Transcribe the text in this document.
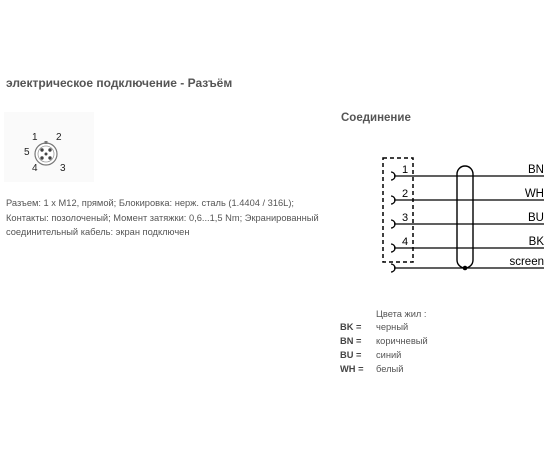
электрическое подключение - Разъём
1 2
3
4
5
Разъем: 1 x M12, прямой; Блокировка: нерж. сталь (1.4404 / 316L);
Контакты: позолоченый; Момент затяжки: 0,6...1,5 Nm; Экранированный
соединительный кабель: экран подключен
Соединение
1
2
3
4
BN
WH
BU
BK
screen
Цвета жил :
BK = черный
BN = коричневый
BU = синий
WH = белый
